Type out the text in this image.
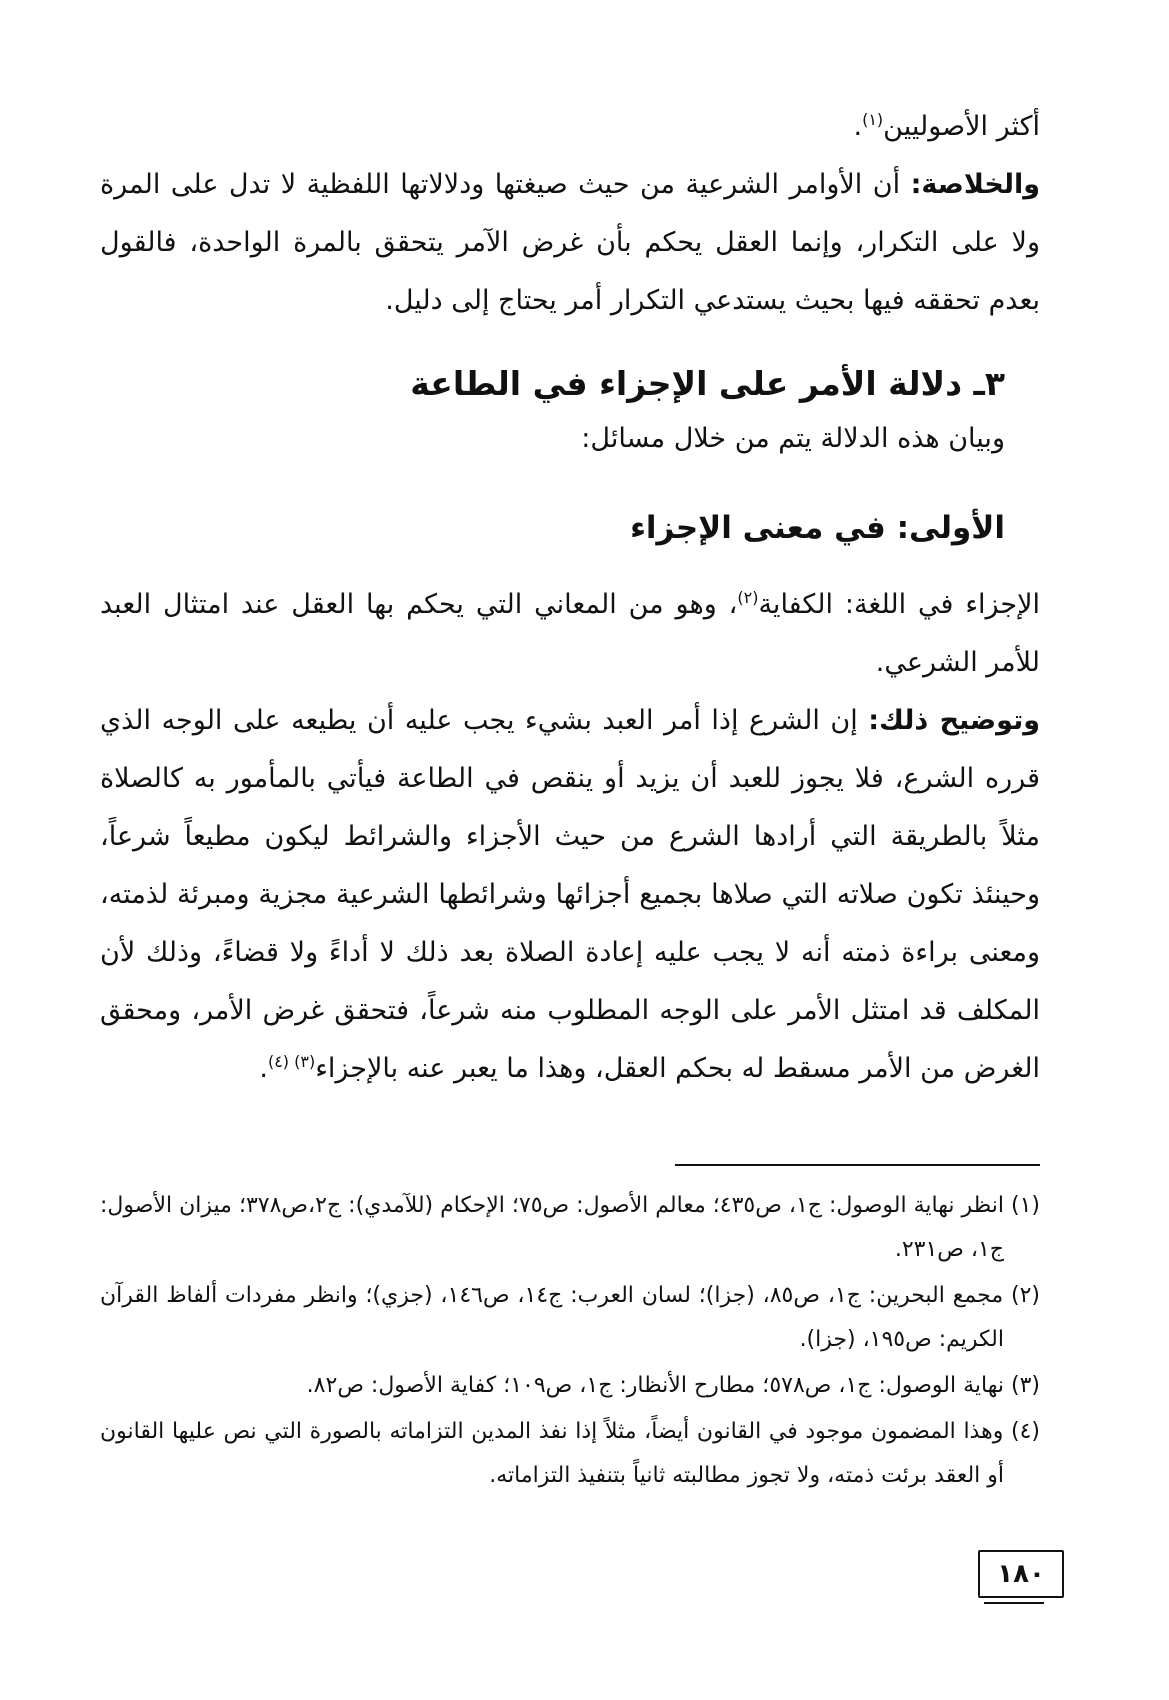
أكثر الأصوليين$^{(١)}$.

والخلاصة: أن الأوامر الشرعية من حيث صيغتها ودلالاتها اللفظية لا تدل على المرة ولا على التكرار، وإنما العقل يحكم بأن غرض الآمر يتحقق بالمرة الواحدة، فالقول بعدم تحققه فيها بحيث يستدعي التكرار أمر يحتاج إلى دليل.

٣ـ دلالة الأمر على الإجزاء في الطاعة

وبيان هذه الدلالة يتم من خلال مسائل:

الأولى: في معنى الإجزاء

الإجزاء في اللغة: الكفاية$^{(٢)}$، وهو من المعاني التي يحكم بها العقل عند امتثال العبد للأمر الشرعي.

وتوضيح ذلك: إن الشرع إذا أمر العبد بشيء يجب عليه أن يطيعه على الوجه الذي قرره الشرع، فلا يجوز للعبد أن يزيد أو ينقص في الطاعة فيأتي بالمأمور به كالصلاة مثلاً بالطريقة التي أرادها الشرع من حيث الأجزاء والشرائط ليكون مطيعاً شرعاً، وحينئذ تكون صلاته التي صلاها بجميع أجزائها وشرائطها الشرعية مجزية ومبرئة لذمته، ومعنى براءة ذمته أنه لا يجب عليه إعادة الصلاة بعد ذلك لا أداءً ولا قضاءً، وذلك لأن المكلف قد امتثل الأمر على الوجه المطلوب منه شرعاً، فتحقق غرض الأمر، ومحقق الغرض من الأمر مسقط له بحكم العقل، وهذا ما يعبر عنه بالإجزاء$^{(٣) (٤)}$.

(١) انظر نهاية الوصول: ج١، ص٤٣٥؛ معالم الأصول: ص٧٥؛ الإحكام (للآمدي): ج٢،ص٣٧٨؛ ميزان الأصول: ج١، ص٢٣١.

(٢) مجمع البحرين: ج١، ص٨٥، (جزا)؛ لسان العرب: ج١٤، ص١٤٦، (جزي)؛ وانظر مفردات ألفاظ القرآن الكريم: ص١٩٥، (جزا).

(٣) نهاية الوصول: ج١، ص٥٧٨؛ مطارح الأنظار: ج١، ص١٠٩؛ كفاية الأصول: ص٨٢.

(٤) وهذا المضمون موجود في القانون أيضاً، مثلاً إذا نفذ المدين التزاماته بالصورة التي نص عليها القانون أو العقد برئت ذمته، ولا تجوز مطالبته ثانياً بتنفيذ التزاماته.

١٨٠
